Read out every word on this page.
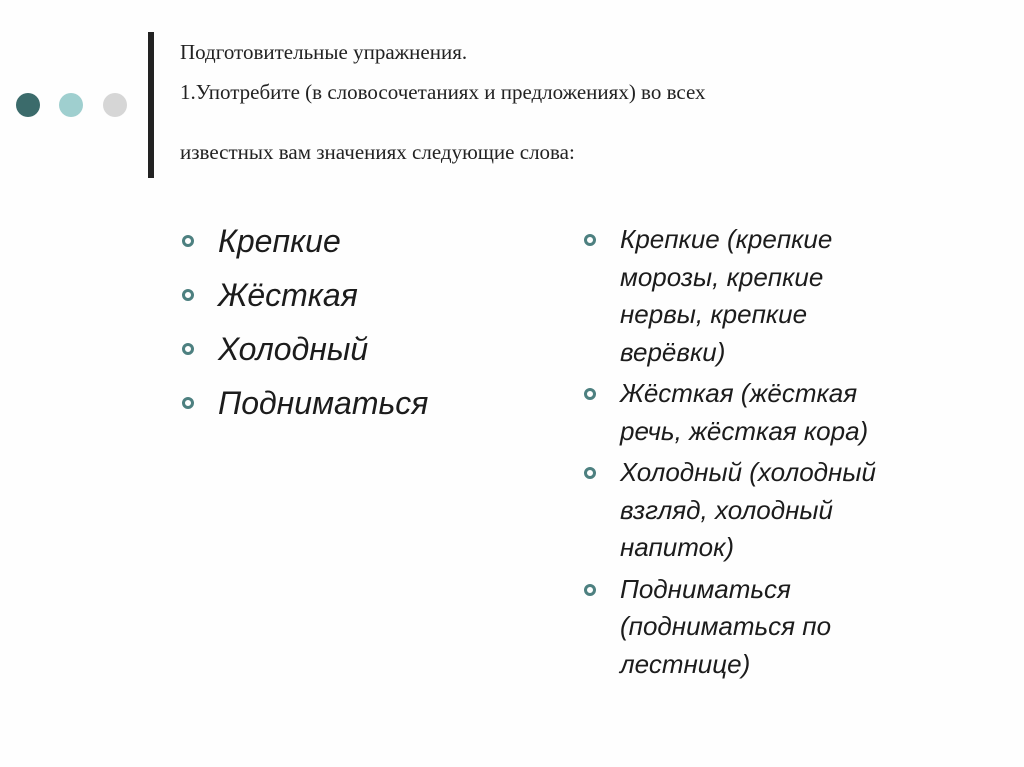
Подготовительные упражнения.
1.Употребите (в словосочетаниях и предложениях) во всех
известных вам значениях следующие слова:
Крепкие
Жёсткая
Холодный
Подниматься
Крепкие (крепкие
морозы, крепкие
нервы, крепкие
верёвки)
Жёсткая (жёсткая
речь, жёсткая кора)
Холодный (холодный
взгляд, холодный
напиток)
Подниматься
(подниматься по
лестнице)
